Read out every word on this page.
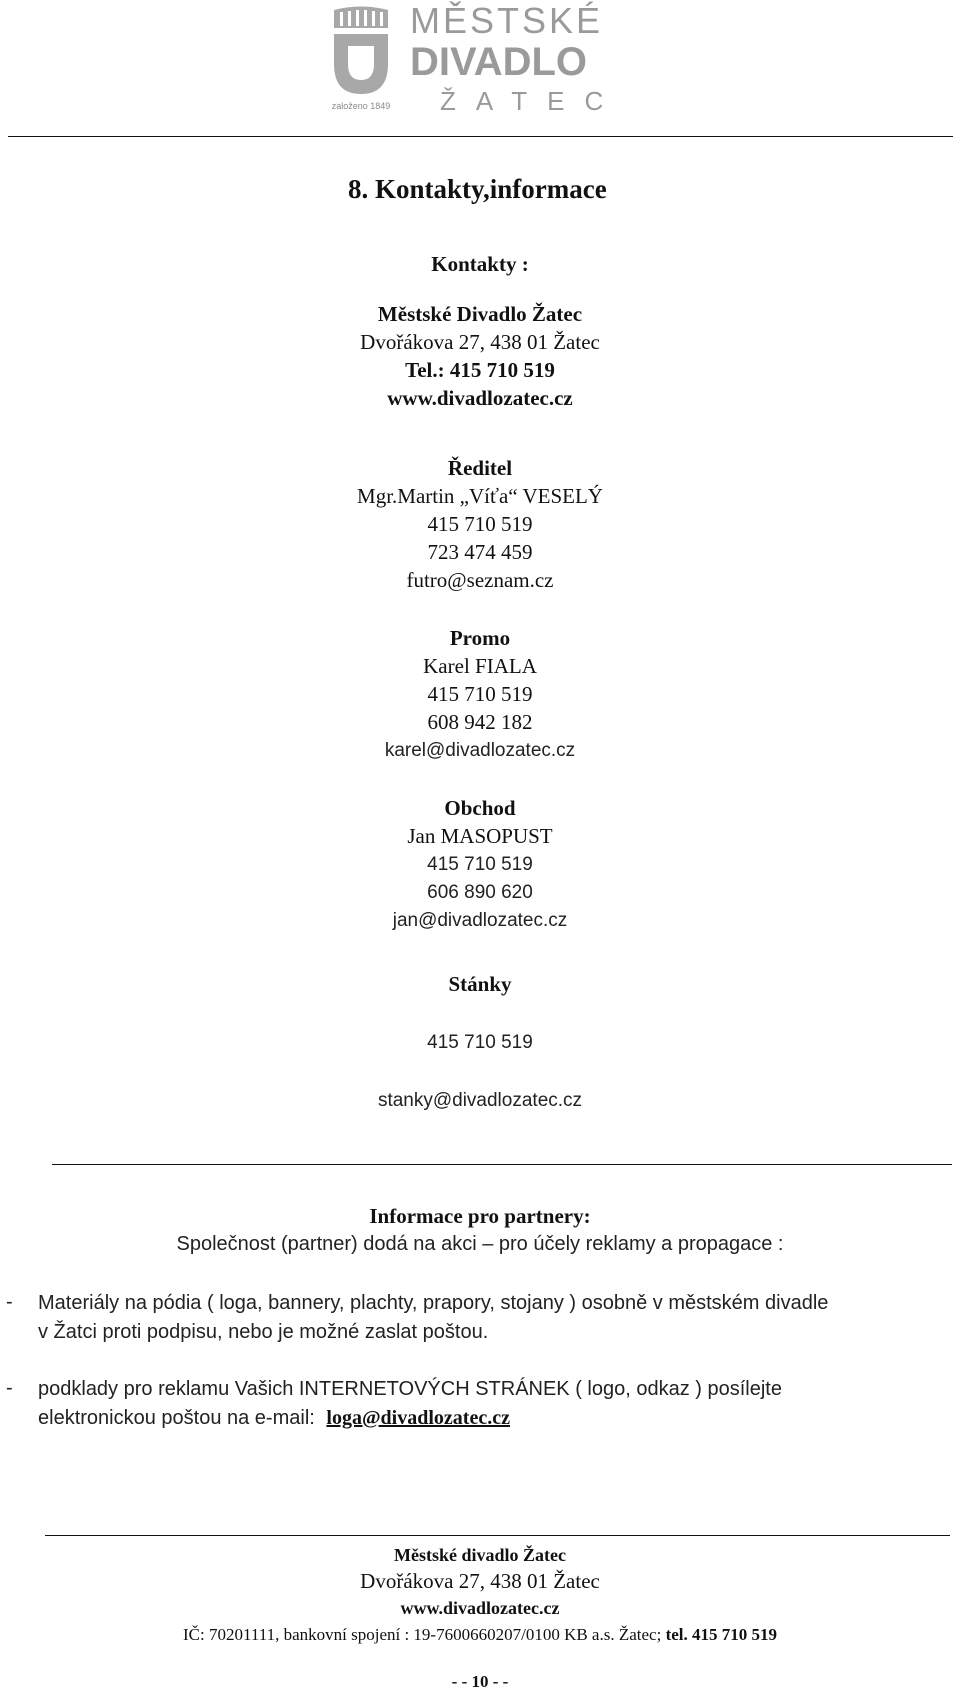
založeno 1849
MĚSTSKÉ
DIVADLO
ŽATEC
8. Kontakty,informace
Kontakty :
Městské Divadlo Žatec
Dvořákova 27, 438 01 Žatec
Tel.: 415 710 519
www.divadlozatec.cz
Ředitel
Mgr.Martin „Víťa“ VESELÝ
415 710 519
723 474 459
futro@seznam.cz
Promo
Karel FIALA
415 710 519
608 942 182
karel@divadlozatec.cz
Obchod
Jan MASOPUST
415 710 519
606 890 620
jan@divadlozatec.cz
Stánky
415 710 519
stanky@divadlozatec.cz
Informace pro partnery:
Společnost (partner) dodá na akci – pro účely reklamy a propagace :
- Materiály na pódia ( loga, bannery, plachty, prapory, stojany ) osobně v městském divadle
v Žatci proti podpisu, nebo je možné zaslat poštou.
- podklady pro reklamu Vašich INTERNETOVÝCH STRÁNEK ( logo, odkaz ) posílejte
elektronickou poštou na e-mail: loga@divadlozatec.cz
Městské divadlo Žatec
Dvořákova 27, 438 01 Žatec
www.divadlozatec.cz
IČ: 70201111, bankovní spojení : 19-7600660207/0100 KB a.s. Žatec; tel. 415 710 519
- - 10 - -
